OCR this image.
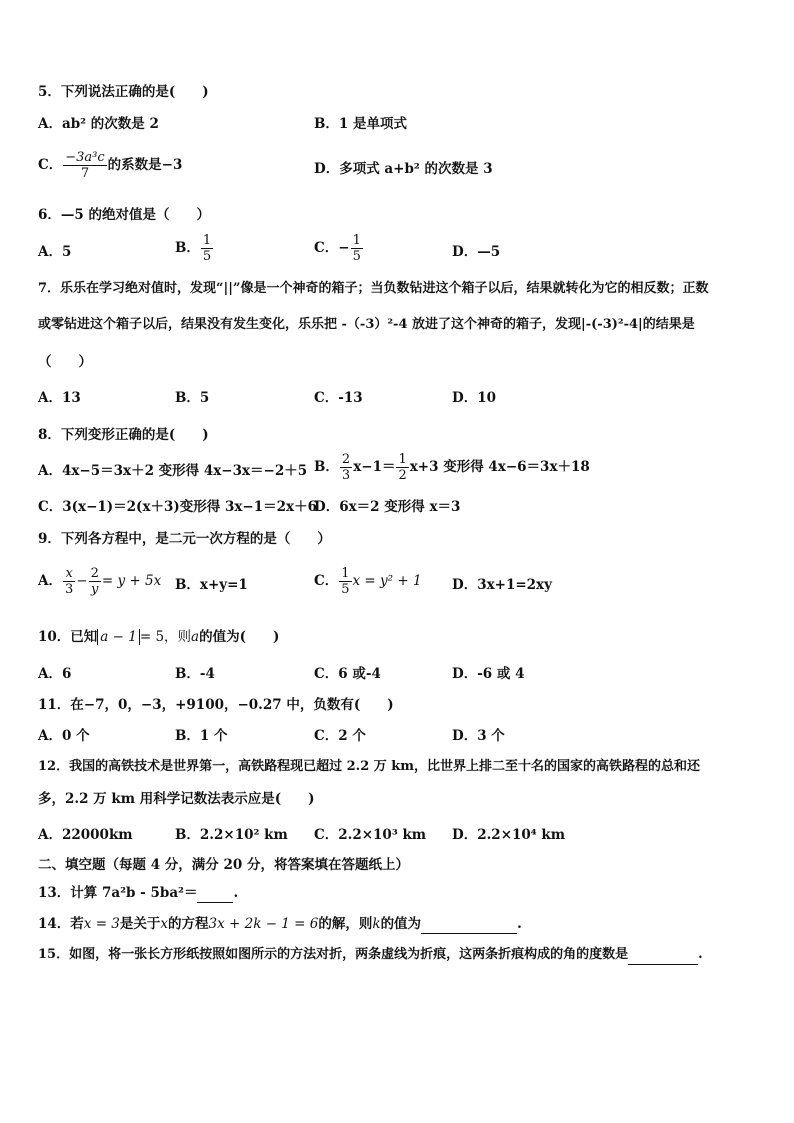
5．下列说法正确的是(　　)
A．ab² 的次数是 2	B．1 是单项式
C． $\frac{\text{−3a³c}}{7}$ 的系数是−3	D．多项式 a+b² 的次数是 3
6．—5 的绝对值是（　　）
A．5	B． $\frac{1}{5}$	C．− $\frac{1}{5}$	D．—5
7．乐乐在学习绝对值时，发现“||”像是一个神奇的箱子；当负数钻进这个箱子以后，结果就转化为它的相反数；正数
或零钻进这个箱子以后，结果没有发生变化，乐乐把 -（-3）²-4 放进了这个神奇的箱子，发现|-(-3)²-4|的结果是
（　　）
A．13	B．5	C．-13	D．10
8．下列变形正确的是(　　)
A．4x−5＝3x＋2 变形得 4x−3x＝−2＋5 B． $\frac{2}{3} x-1= \frac{1}{2} x+3$ 变形得 4x−6＝3x＋18
C．3(x−1)＝2(x＋3)变形得 3x−1＝2x＋6
D．6x＝2 变形得 x＝3
9．下列各方程中，是二元一次方程的是（　　）
A． $\frac{x}{3} - \frac{2}{y} = y + 5x$ B．x+y=1	C． $\frac{1}{5}$ x = y² + 1 D．3x+1=2xy
10．已知 a − 1 = 5，则a的值为(　　)
A．6	B．-4	C．6 或-4	D．-6 或 4
11．在−7，0，−3，+9100，−0.27 中，负数有(　　)
A．0 个	B．1 个	C．2 个	D．3 个
12．我国的高铁技术是世界第一，高铁路程现已超过 2.2 万 km，比世界上排二至十名的国家的高铁路程的总和还
多，2.2 万 km 用科学记数法表示应是(　　)
A．22000km	B．2.2×10² km C．2.2×10³ km D．2.2×10⁴ km
二、填空题（每题 4 分，满分 20 分，将答案填在答题纸上）
13．计算 7a²b - 5ba²＝	.
14．若x = 3是关于x的方程3x + 2k − 1 = 6的解，则k的值为	.
15．如图，将一张长方形纸按照如图所示的方法对折，两条虚线为折痕，这两条折痕构成的角的度数是	.
